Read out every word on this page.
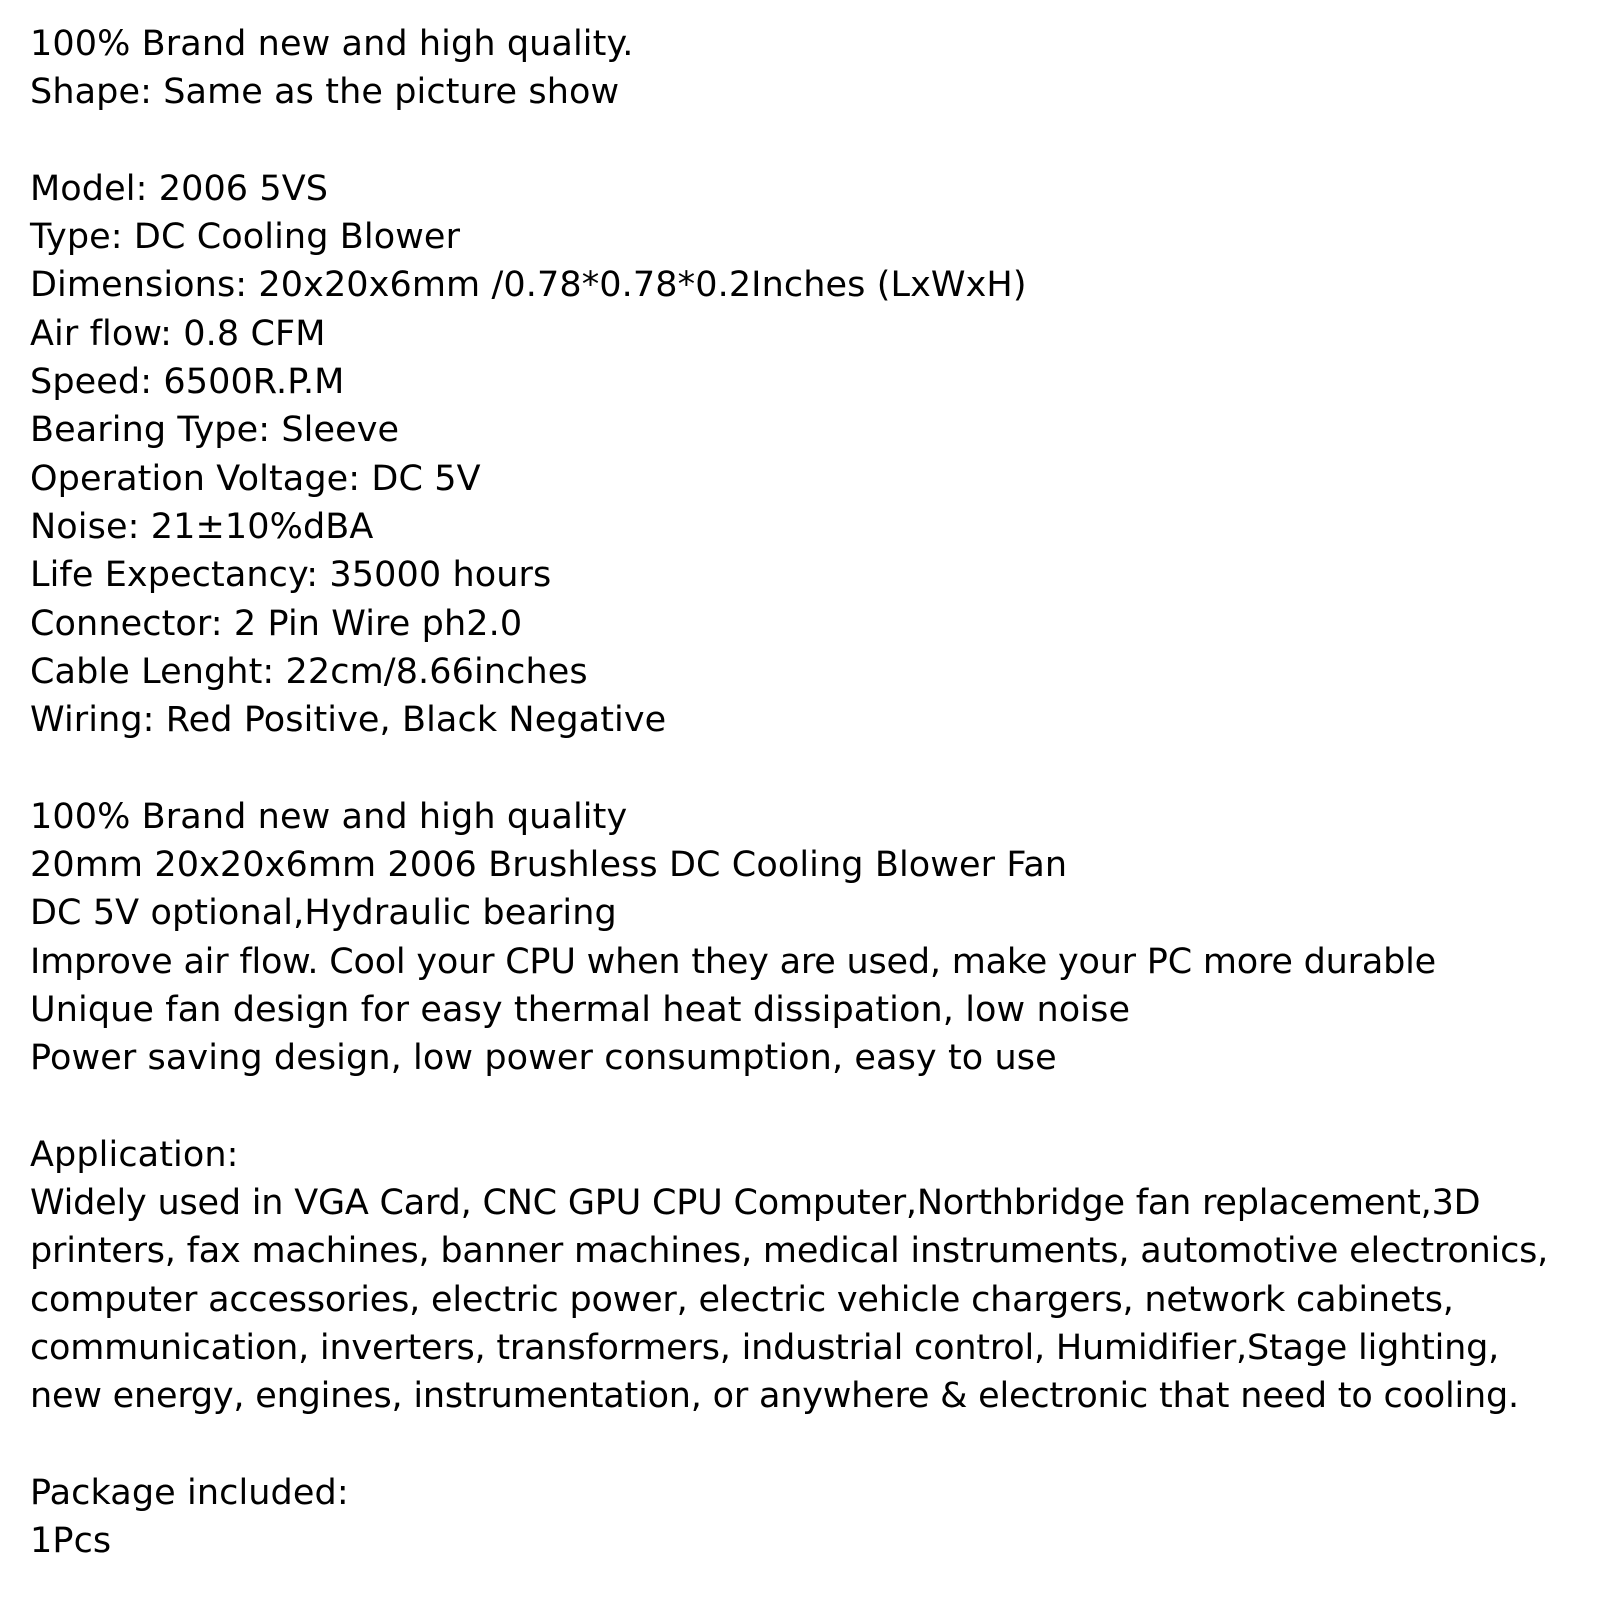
100% Brand new and high quality.
Shape: Same as the picture show
Model: 2006 5VS
Type: DC Cooling Blower
Dimensions: 20x20x6mm /0.78*0.78*0.2Inches (LxWxH)
Air flow: 0.8 CFM
Speed: 6500R.P.M
Bearing Type: Sleeve
Operation Voltage: DC 5V
Noise: 21±10%dBA
Life Expectancy: 35000 hours
Connector: 2 Pin Wire ph2.0
Cable Lenght: 22cm/8.66inches
Wiring: Red Positive, Black Negative
100% Brand new and high quality
20mm 20x20x6mm 2006 Brushless DC Cooling Blower Fan
DC 5V optional,Hydraulic bearing
Improve air flow. Cool your CPU when they are used, make your PC more durable
Unique fan design for easy thermal heat dissipation, low noise
Power saving design, low power consumption, easy to use
Application:
Widely used in VGA Card, CNC GPU CPU Computer,Northbridge fan replacement,3D
printers, fax machines, banner machines, medical instruments, automotive electronics,
computer accessories, electric power, electric vehicle chargers, network cabinets,
communication, inverters, transformers, industrial control, Humidifier,Stage lighting,
new energy, engines, instrumentation, or anywhere & electronic that need to cooling.
Package included:
1Pcs
